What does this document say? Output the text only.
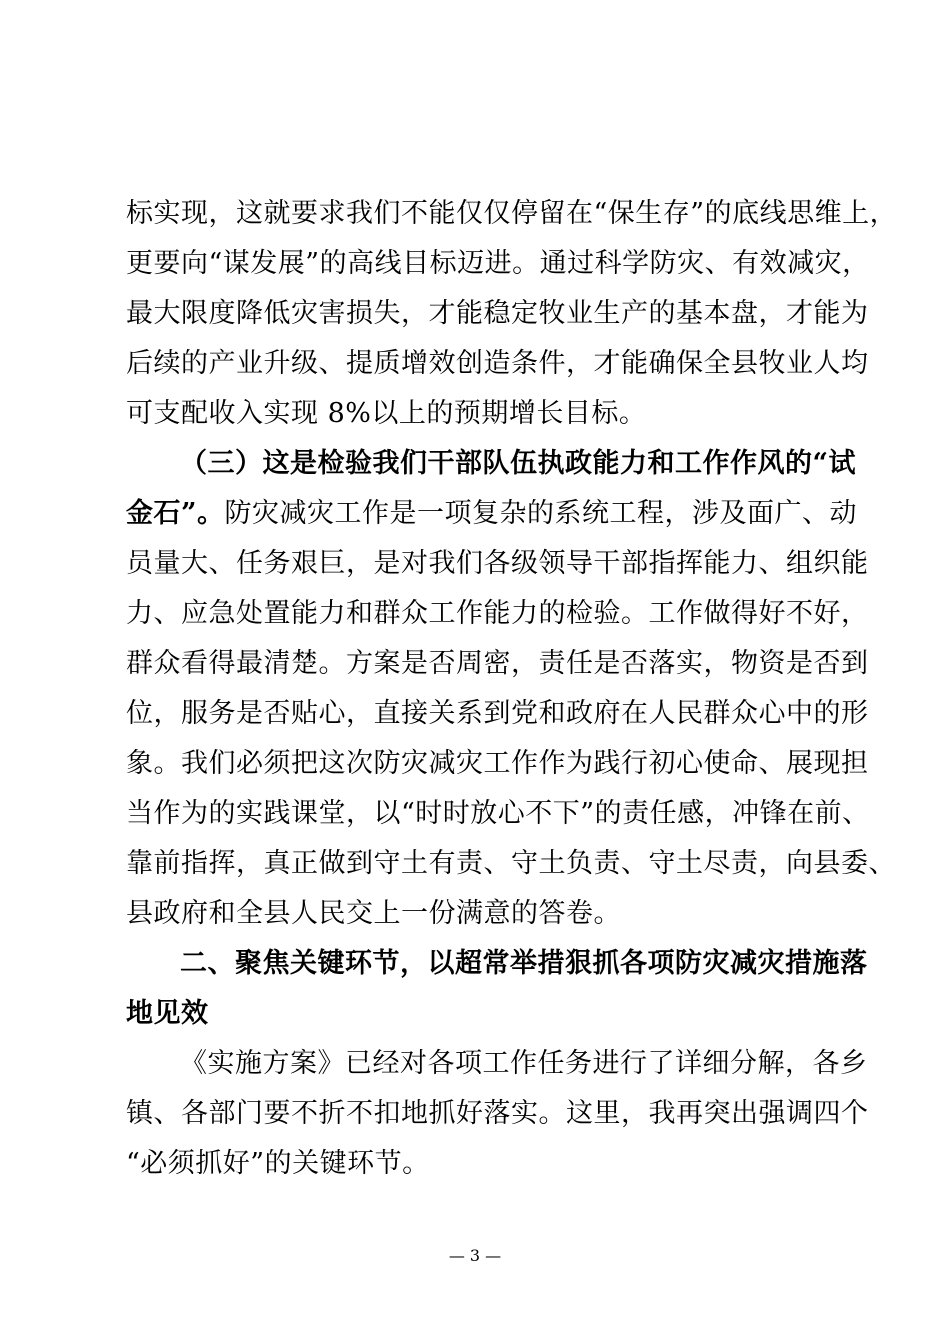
标实现，这就要求我们不能仅仅停留在“保生存”的底线思维上，
更要向“谋发展”的高线目标迈进。通过科学防灾、有效减灾，
最大限度降低灾害损失，才能稳定牧业生产的基本盘，才能为
后续的产业升级、提质增效创造条件，才能确保全县牧业人均
可支配收入实现 8%以上的预期增长目标。
（三）这是检验我们干部队伍执政能力和工作作风的“试
金石”。防灾减灾工作是一项复杂的系统工程，涉及面广、动
员量大、任务艰巨，是对我们各级领导干部指挥能力、组织能
力、应急处置能力和群众工作能力的检验。工作做得好不好，
群众看得最清楚。方案是否周密，责任是否落实，物资是否到
位，服务是否贴心，直接关系到党和政府在人民群众心中的形
象。我们必须把这次防灾减灾工作作为践行初心使命、展现担
当作为的实践课堂，以“时时放心不下”的责任感，冲锋在前、
靠前指挥，真正做到守土有责、守土负责、守土尽责，向县委、
县政府和全县人民交上一份满意的答卷。
二、聚焦关键环节，以超常举措狠抓各项防灾减灾措施落
地见效
《实施方案》已经对各项工作任务进行了详细分解，各乡
镇、各部门要不折不扣地抓好落实。这里，我再突出强调四个
“必须抓好”的关键环节。
— 3 —
